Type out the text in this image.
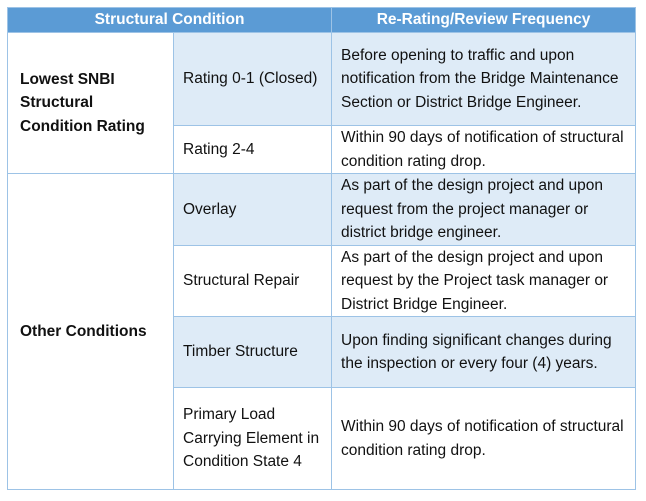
Structural Condition		Re-Rating/Review Frequency
Lowest SNBI Structural Condition Rating	Rating 0-1 (Closed)	Before opening to traffic and upon notification from the Bridge Maintenance Section or District Bridge Engineer.
	Rating 2-4	Within 90 days of notification of structural condition rating drop.
Other Conditions	Overlay	As part of the design project and upon request from the project manager or district bridge engineer.
	Structural Repair	As part of the design project and upon request by the Project task manager or District Bridge Engineer.
	Timber Structure	Upon finding significant changes during the inspection or every four (4) years.
	Primary Load Carrying Element in Condition State 4	Within 90 days of notification of structural condition rating drop.
